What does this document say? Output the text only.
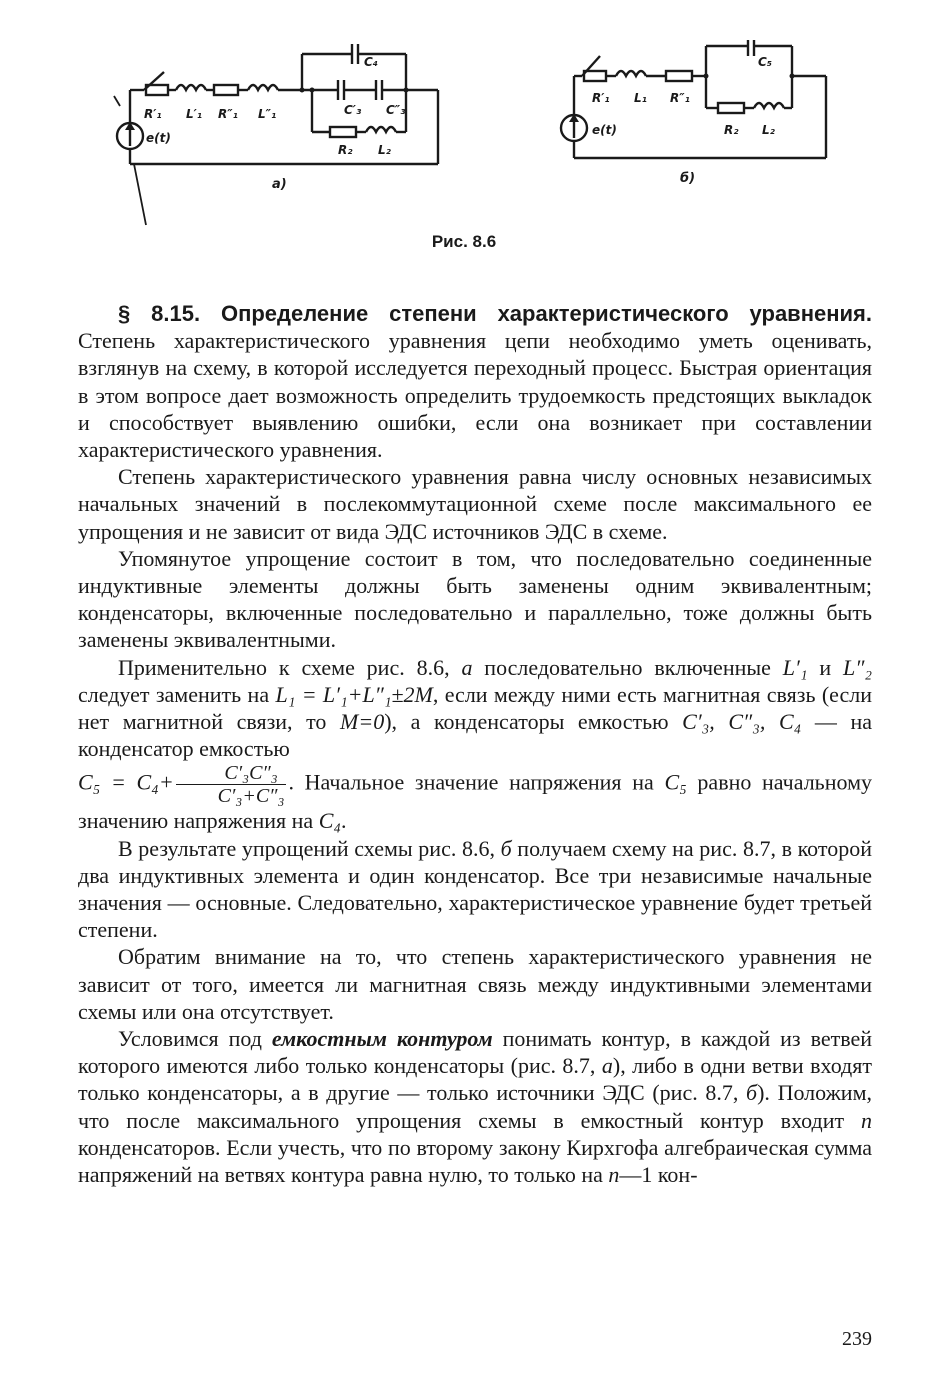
R′₁ L′₁ R″₁ L″₁
C₄
C′₃ C″₃
R₂ L₂
e(t)
а)
R′₁ L₁ R″₁
C₅
R₂ L₂
e(t)
б)
Рис. 8.6

§ 8.15. Определение степени характеристического уравнения. Степень характеристического уравнения цепи необходимо уметь оценивать, взглянув на схему, в которой исследуется переходный процесс. Быстрая ориентация в этом вопросе дает возможность определить трудоемкость предстоящих выкладок и способствует выявлению ошибки, если она возникает при составлении характеристического уравнения.

Степень характеристического уравнения равна числу основных независимых начальных значений в послекоммутационной схеме после максимального ее упрощения и не зависит от вида ЭДС источников ЭДС в схеме.

Упомянутое упрощение состоит в том, что последовательно соединенные индуктивные элементы должны быть заменены одним эквивалентным; конденсаторы, включенные последовательно и параллельно, тоже должны быть заменены эквивалентными.

Применительно к схеме рис. 8.6, а последовательно включенные L′₁ и L″₂ следует заменить на L₁ = L′₁+L″₁±2M, если между ними есть магнитная связь (если нет магнитной связи, то M=0), а конденсаторы емкостью C′₃, C″₃, C₄ — на конденсатор емкостью
$C_5 = C_4+ \frac{\text{C′₃C″₃}}{\text{C′₃+C″₃}}$ . Начальное значение напряжения на C₅ равно начальному значению напряжения на C₄.

В результате упрощений схемы рис. 8.6, б получаем схему на рис. 8.7, в которой два индуктивных элемента и один конденсатор. Все три независимые начальные значения — основные. Следовательно, характеристическое уравнение будет третьей степени.

Обратим внимание на то, что степень характеристического уравнения не зависит от того, имеется ли магнитная связь между индуктивными элементами схемы или она отсутствует.

Условимся под емкостным контуром понимать контур, в каждой из ветвей которого имеются либо только конденсаторы (рис. 8.7, а), либо в одни ветви входят только конденсаторы, а в другие — только источники ЭДС (рис. 8.7, б). Положим, что после максимального упрощения схемы в емкостный контур входит n конденсаторов. Если учесть, что по второму закону Кирхгофа алгебраическая сумма напряжений на ветвях контура равна нулю, то только на n—1 кон-

239
